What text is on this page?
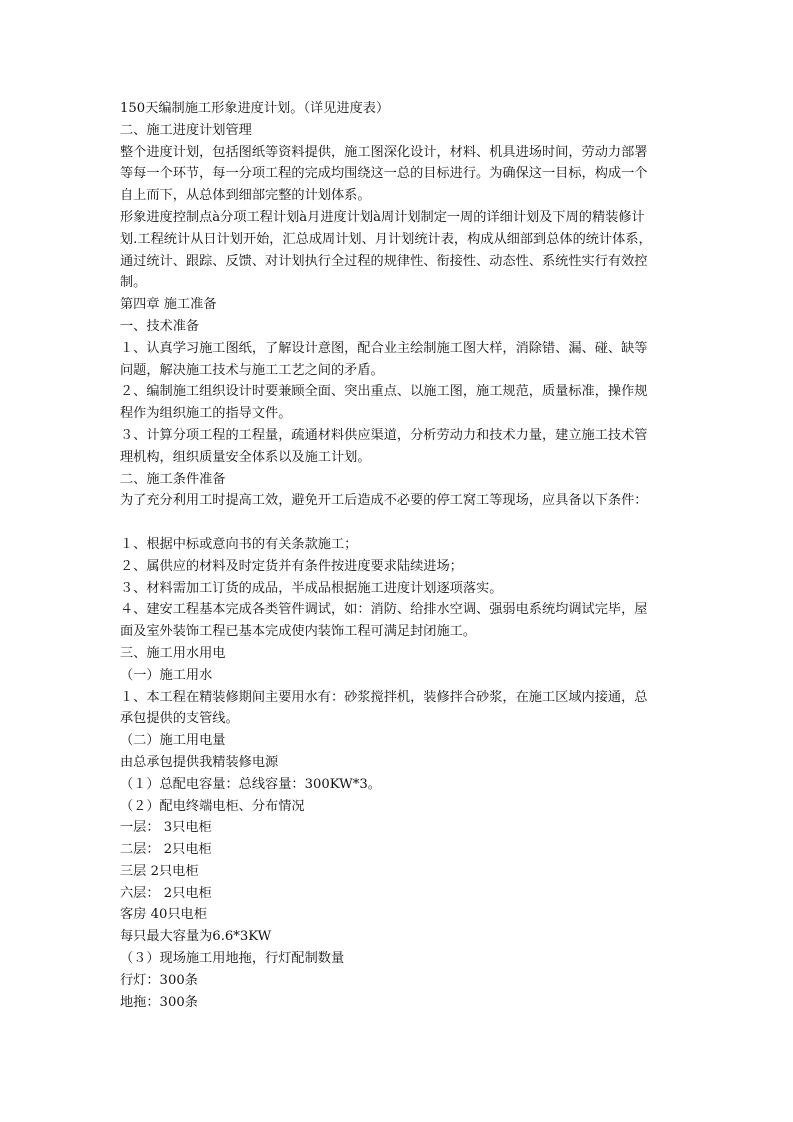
150天编制施工形象进度计划。（详见进度表）
二、施工进度计划管理
整个进度计划，包括图纸等资料提供，施工图深化设计，材料、机具进场时间，劳动力部署
等每一个环节，每一分项工程的完成均围绕这一总的目标进行。为确保这一目标，构成一个
自上而下，从总体到细部完整的计划体系。
形象进度控制点à分项工程计划à月进度计划à周计划制定一周的详细计划及下周的精装修计
划.工程统计从日计划开始，汇总成周计划、月计划统计表，构成从细部到总体的统计体系，
通过统计、跟踪、反馈、对计划执行全过程的规律性、衔接性、动态性、系统性实行有效控
制。
第四章 施工准备
一、技术准备
１、认真学习施工图纸，了解设计意图，配合业主绘制施工图大样，消除错、漏、碰、缺等
问题，解决施工技术与施工工艺之间的矛盾。
２、编制施工组织设计时要兼顾全面、突出重点、以施工图，施工规范，质量标准，操作规
程作为组织施工的指导文件。
３、计算分项工程的工程量，疏通材料供应渠道，分析劳动力和技术力量，建立施工技术管
理机构，组织质量安全体系以及施工计划。
二、施工条件准备
为了充分利用工时提高工效，避免开工后造成不必要的停工窝工等现场，应具备以下条件：
１、根据中标或意向书的有关条款施工；
２、属供应的材料及时定货并有条件按进度要求陆续进场；
３、材料需加工订货的成品，半成品根据施工进度计划逐项落实。
４、建安工程基本完成各类管件调试，如：消防、给排水空调、强弱电系统均调试完毕，屋
面及室外装饰工程已基本完成使内装饰工程可满足封闭施工。
三、施工用水用电
（一）施工用水
１、本工程在精装修期间主要用水有：砂浆搅拌机，装修拌合砂浆，在施工区域内接通，总
承包提供的支管线。
（二）施工用电量
由总承包提供我精装修电源
（１）总配电容量：总线容量：300KW*3。
（２）配电终端电柜、分布情况
一层： 3只电柜
二层： 2只电柜
三层 2只电柜
六层： 2只电柜
客房 40只电柜
每只最大容量为6.6*3KW
（３）现场施工用地拖，行灯配制数量
行灯：300条
地拖：300条
